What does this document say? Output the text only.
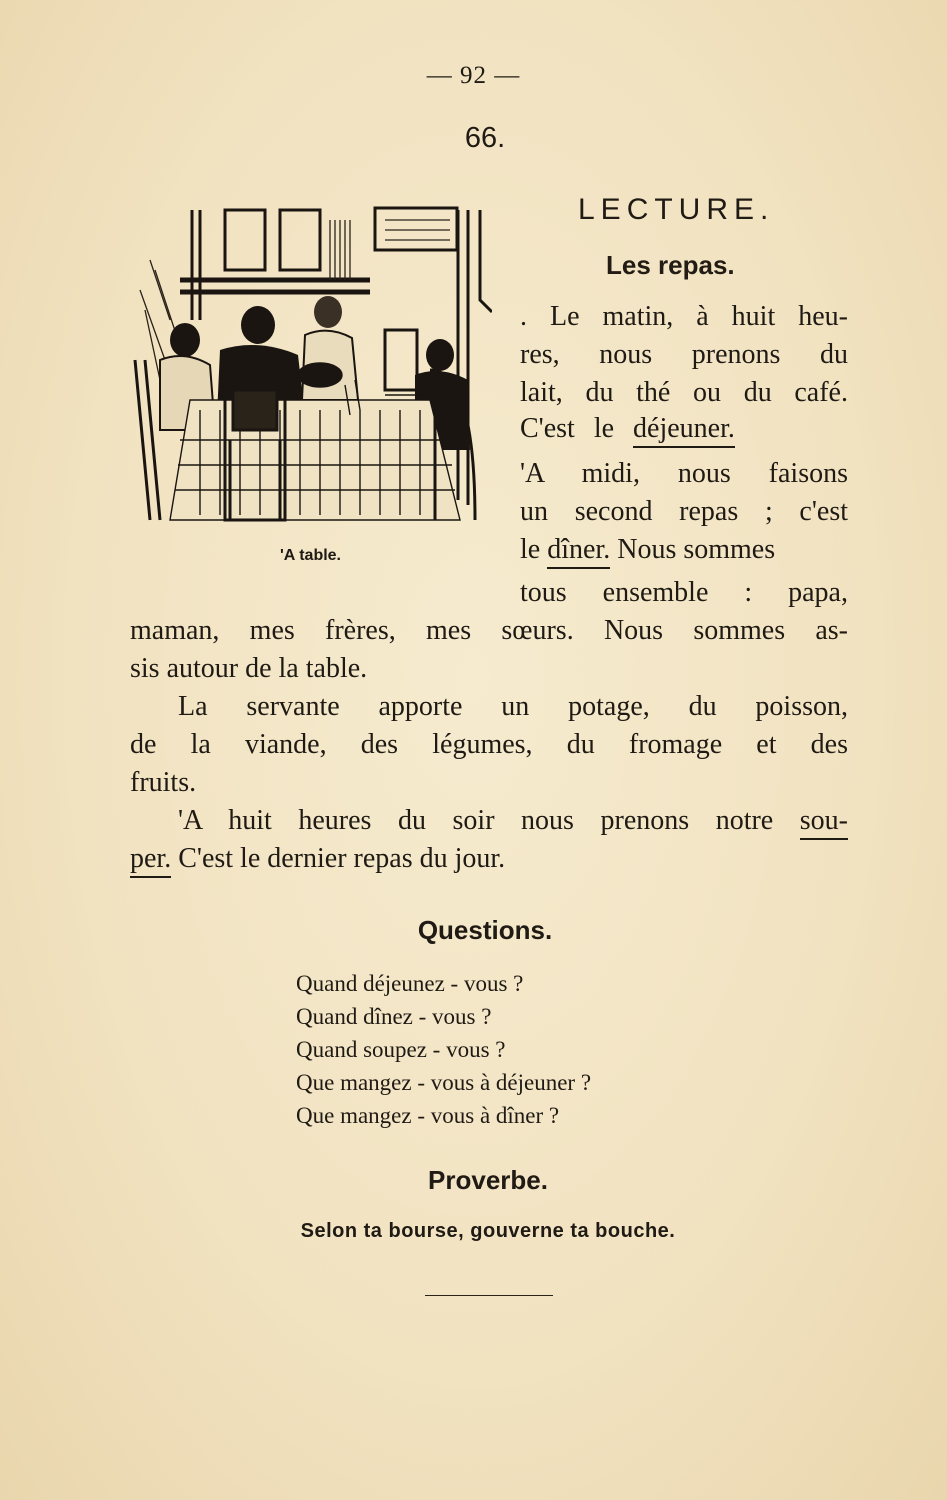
— 92 —
66.
'A table.
LECTURE.
Les repas.
. Le matin, à huit heu-
res, nous prenons du
lait, du thé ou du café.
C'est le déjeuner.
'A midi, nous faisons
un second repas ; c'est
le dîner. Nous sommes
tous ensemble : papa,
maman, mes frères, mes sœurs. Nous sommes as-
sis autour de la table.
La servante apporte un potage, du poisson,
de la viande, des légumes, du fromage et des
fruits.
'A huit heures du soir nous prenons notre sou-
per. C'est le dernier repas du jour.
Questions.
Quand déjeunez - vous ?
Quand dînez - vous ?
Quand soupez - vous ?
Que mangez - vous à déjeuner ?
Que mangez - vous à dîner ?
Proverbe.
Selon ta bourse, gouverne ta bouche.
